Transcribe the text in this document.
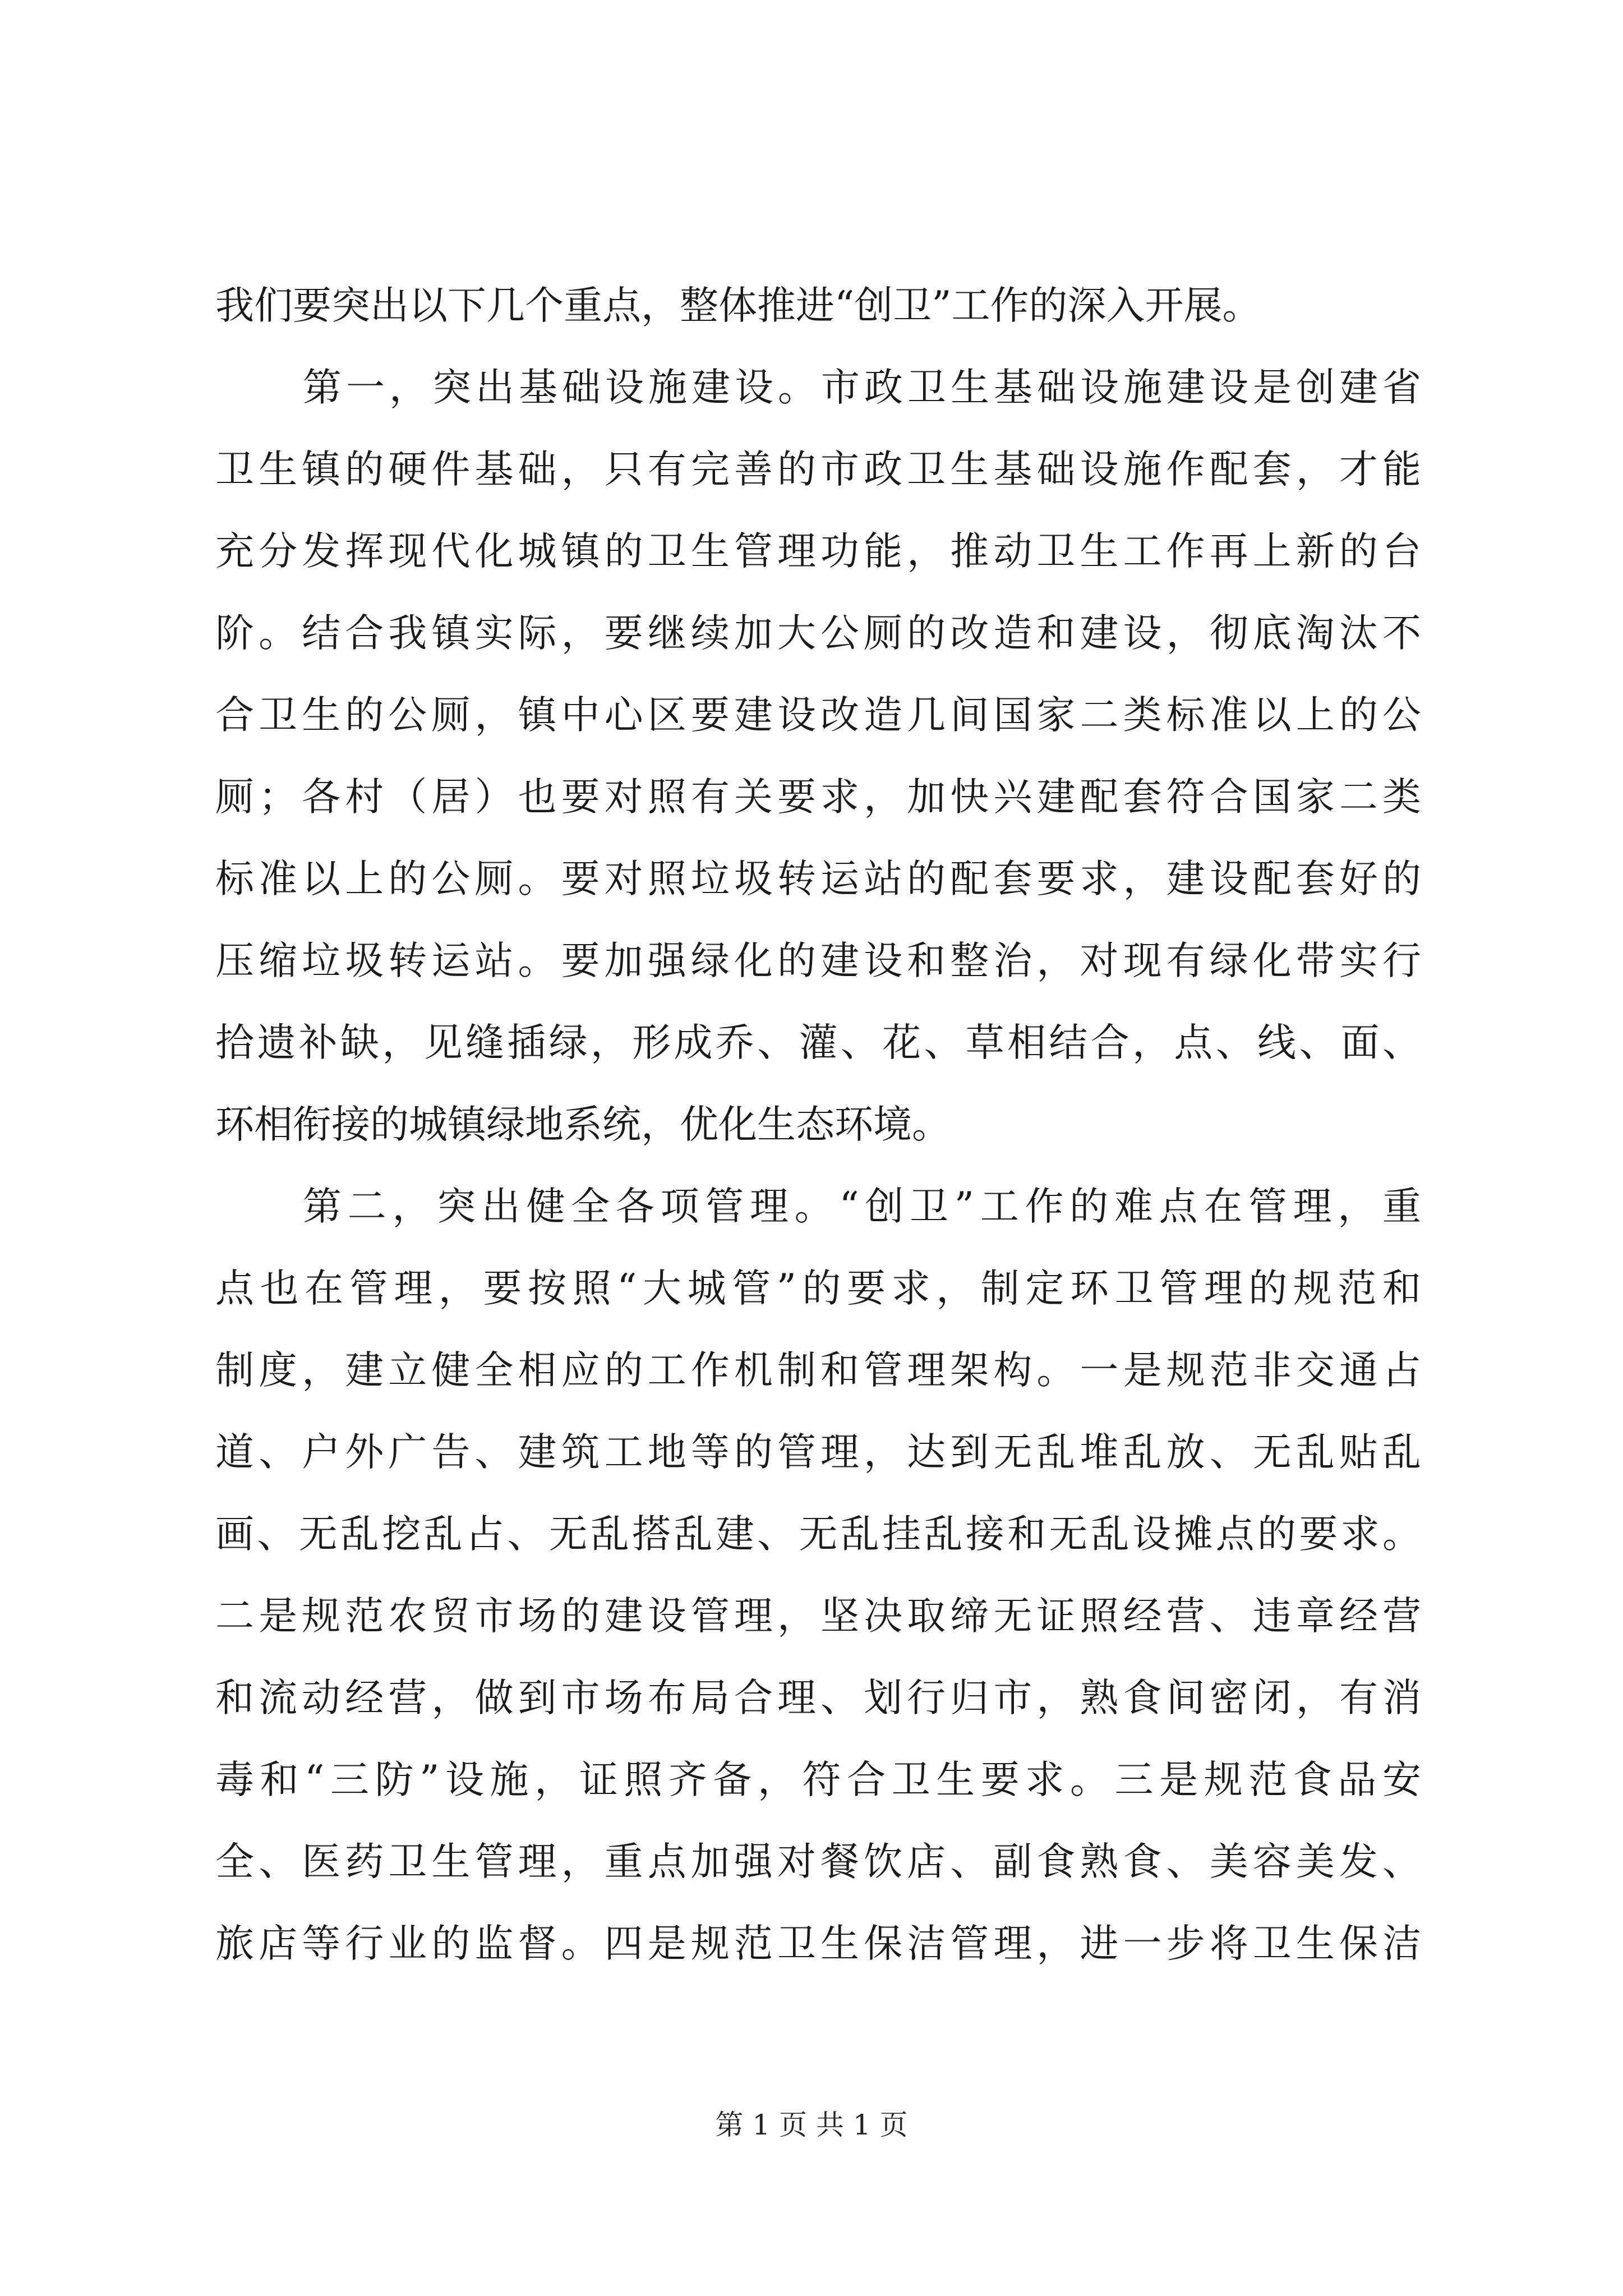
我们要突出以下几个重点，整体推进“创卫”工作的深入开展。
第一，突出基础设施建设。市政卫生基础设施建设是创建省
卫生镇的硬件基础，只有完善的市政卫生基础设施作配套，才能
充分发挥现代化城镇的卫生管理功能，推动卫生工作再上新的台
阶。结合我镇实际，要继续加大公厕的改造和建设，彻底淘汰不
合卫生的公厕，镇中心区要建设改造几间国家二类标准以上的公
厕；各村（居）也要对照有关要求，加快兴建配套符合国家二类
标准以上的公厕。要对照垃圾转运站的配套要求，建设配套好的
压缩垃圾转运站。要加强绿化的建设和整治，对现有绿化带实行
拾遗补缺，见缝插绿，形成乔、灌、花、草相结合，点、线、面、
环相衔接的城镇绿地系统，优化生态环境。
第二，突出健全各项管理。“创卫”工作的难点在管理，重
点也在管理，要按照“大城管”的要求，制定环卫管理的规范和
制度，建立健全相应的工作机制和管理架构。一是规范非交通占
道、户外广告、建筑工地等的管理，达到无乱堆乱放、无乱贴乱
画、无乱挖乱占、无乱搭乱建、无乱挂乱接和无乱设摊点的要求。
二是规范农贸市场的建设管理，坚决取缔无证照经营、违章经营
和流动经营，做到市场布局合理、划行归市，熟食间密闭，有消
毒和“三防”设施，证照齐备，符合卫生要求。三是规范食品安
全、医药卫生管理，重点加强对餐饮店、副食熟食、美容美发、
旅店等行业的监督。四是规范卫生保洁管理，进一步将卫生保洁
第 1 页 共 1 页
